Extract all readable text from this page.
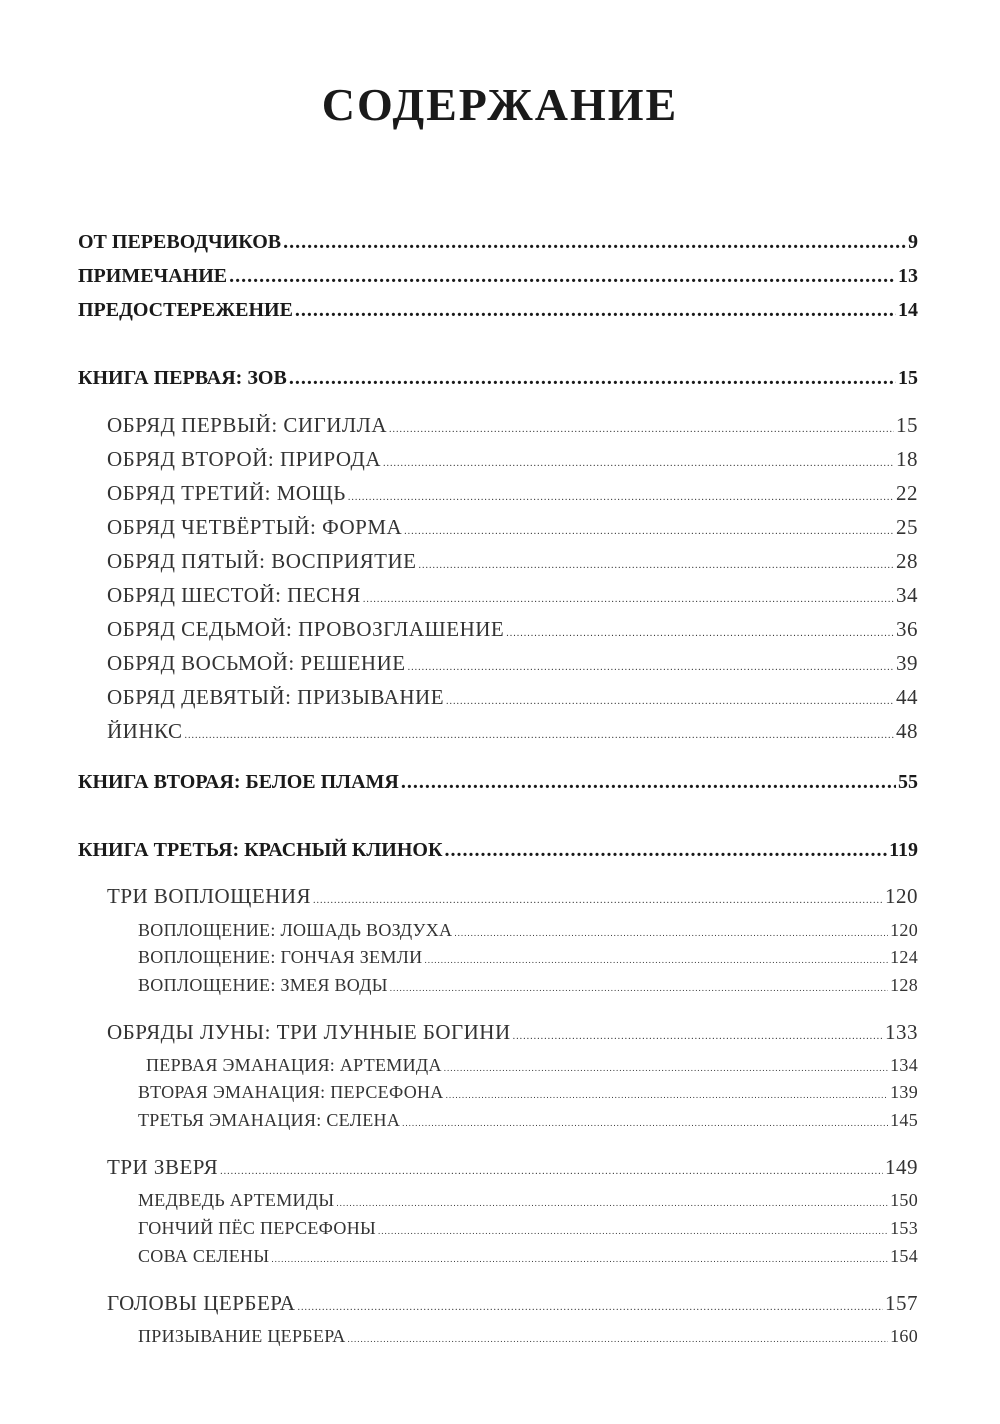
СОДЕРЖАНИЕ
ОТ ПЕРЕВОДЧИКОВ .....	9
ПРИМЕЧАНИЕ .....	13
ПРЕДОСТЕРЕЖЕНИЕ .....	14
КНИГА ПЕРВАЯ: ЗОВ .....	15
ОБРЯД ПЕРВЫЙ: СИГИЛЛА .....	15
ОБРЯД ВТОРОЙ: ПРИРОДА .....	18
ОБРЯД ТРЕТИЙ: МОЩЬ .....	22
ОБРЯД ЧЕТВЁРТЫЙ: ФОРМА .....	25
ОБРЯД ПЯТЫЙ: ВОСПРИЯТИЕ .....	28
ОБРЯД ШЕСТОЙ: ПЕСНЯ .....	34
ОБРЯД СЕДЬМОЙ: ПРОВОЗГЛАШЕНИЕ .....	36
ОБРЯД ВОСЬМОЙ: РЕШЕНИЕ .....	39
ОБРЯД ДЕВЯТЫЙ: ПРИЗЫВАНИЕ .....	44
ЙИНКС .....	48
КНИГА ВТОРАЯ: БЕЛОЕ ПЛАМЯ .....	55
КНИГА ТРЕТЬЯ: КРАСНЫЙ КЛИНОК .....	119
ТРИ ВОПЛОЩЕНИЯ .....	120
ВОПЛОЩЕНИЕ: ЛОШАДЬ ВОЗДУХА .....	120
ВОПЛОЩЕНИЕ: ГОНЧАЯ ЗЕМЛИ .....	124
ВОПЛОЩЕНИЕ: ЗМЕЯ ВОДЫ .....	128
ОБРЯДЫ ЛУНЫ: ТРИ ЛУННЫЕ БОГИНИ .....	133
ПЕРВАЯ ЭМАНАЦИЯ: АРТЕМИДА .....	134
ВТОРАЯ ЭМАНАЦИЯ: ПЕРСЕФОНА .....	139
ТРЕТЬЯ ЭМАНАЦИЯ: СЕЛЕНА .....	145
ТРИ ЗВЕРЯ .....	149
МЕДВЕДЬ АРТЕМИДЫ .....	150
ГОНЧИЙ ПЁС ПЕРСЕФОНЫ .....	153
СОВА СЕЛЕНЫ .....	154
ГОЛОВЫ ЦЕРБЕРА .....	157
ПРИЗЫВАНИЕ ЦЕРБЕРА .....	160
